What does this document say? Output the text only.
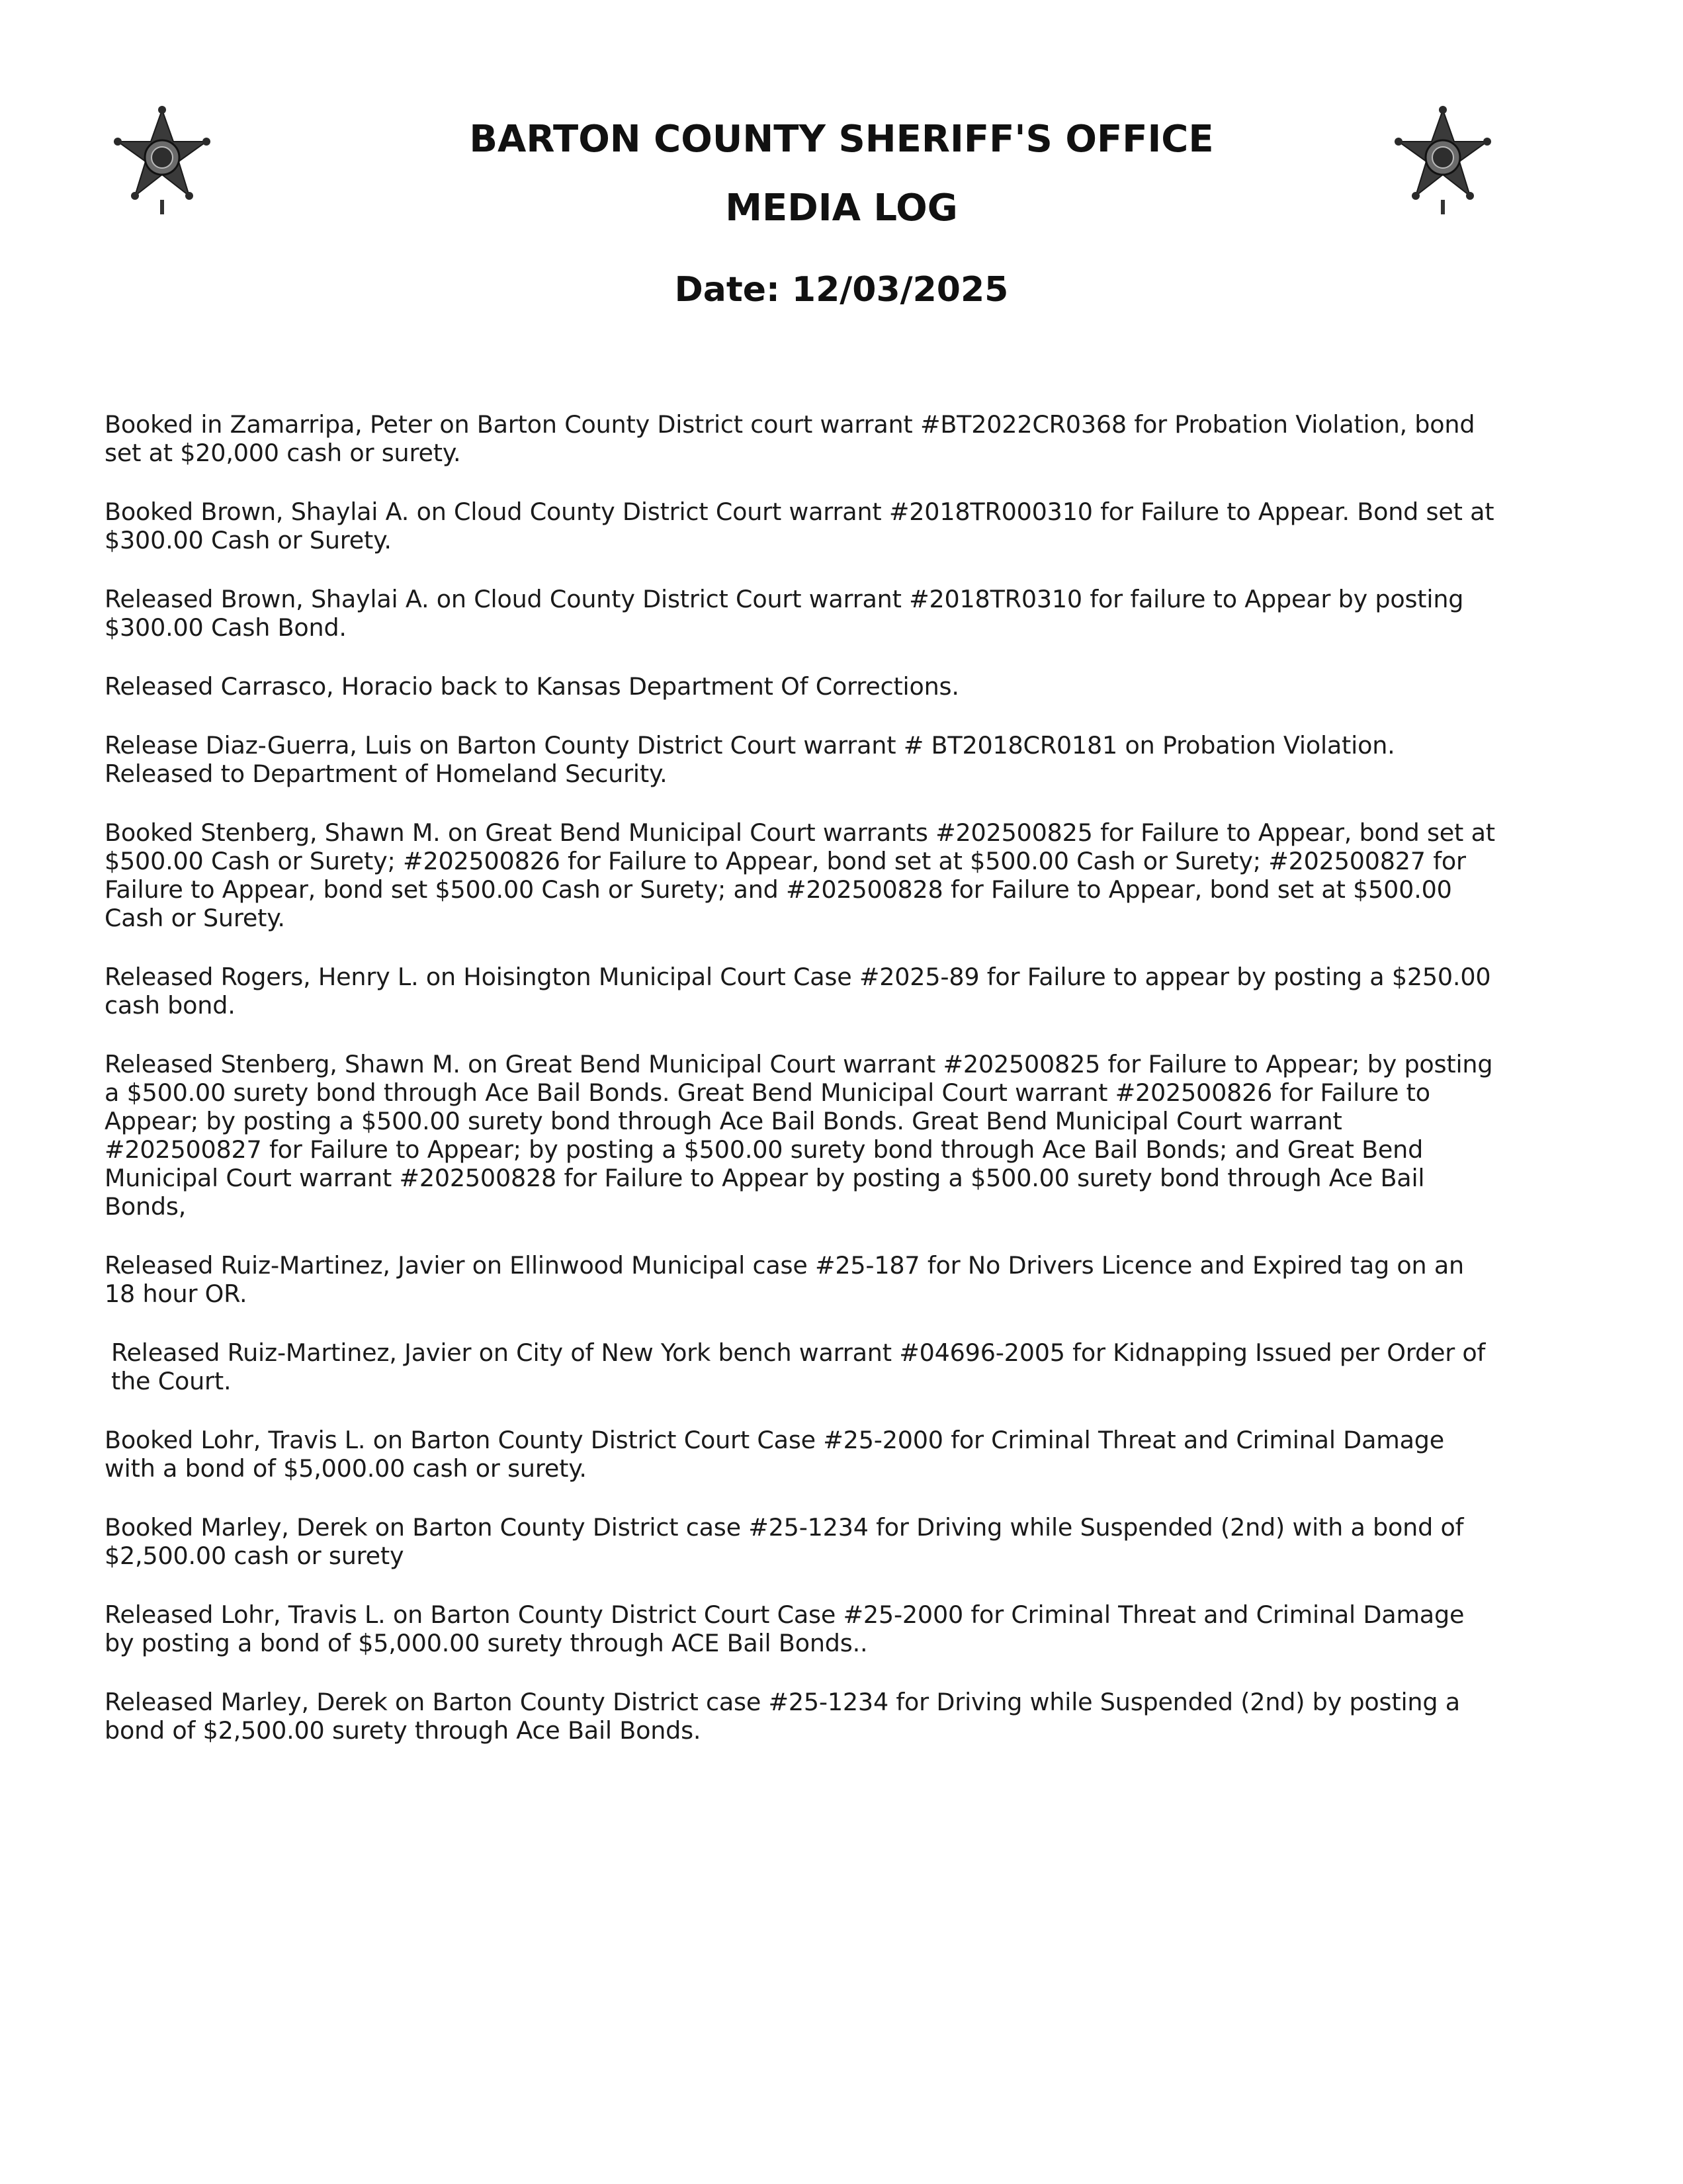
BARTON COUNTY SHERIFF'S OFFICE
MEDIA LOG
Date: 12/03/2025

Booked in Zamarripa, Peter on Barton County District court warrant #BT2022CR0368 for Probation Violation, bond set at $20,000 cash or surety.

Booked Brown, Shaylai A. on Cloud County District Court warrant #2018TR000310 for Failure to Appear. Bond set at $300.00 Cash or Surety.

Released Brown, Shaylai A. on Cloud County District Court warrant #2018TR0310 for failure to Appear by posting $300.00 Cash Bond.

Released Carrasco, Horacio back to Kansas Department Of Corrections.

Release Diaz-Guerra, Luis on Barton County District Court warrant # BT2018CR0181 on Probation Violation. Released to Department of Homeland Security.

Booked Stenberg, Shawn M. on Great Bend Municipal Court warrants #202500825 for Failure to Appear, bond set at $500.00 Cash or Surety; #202500826 for Failure to Appear, bond set at $500.00 Cash or Surety; #202500827 for Failure to Appear, bond set $500.00 Cash or Surety; and #202500828 for Failure to Appear, bond set at $500.00 Cash or Surety.

Released Rogers, Henry L. on Hoisington Municipal Court Case #2025-89 for Failure to appear by posting a $250.00 cash bond.

Released Stenberg, Shawn M. on Great Bend Municipal Court warrant #202500825 for Failure to Appear; by posting a $500.00 surety bond through Ace Bail Bonds. Great Bend Municipal Court warrant #202500826 for Failure to Appear; by posting a $500.00 surety bond through Ace Bail Bonds. Great Bend Municipal Court warrant #202500827 for Failure to Appear; by posting a $500.00 surety bond through Ace Bail Bonds; and Great Bend Municipal Court warrant #202500828 for Failure to Appear by posting a $500.00 surety bond through Ace Bail Bonds,

Released Ruiz-Martinez, Javier on Ellinwood Municipal case #25-187 for No Drivers Licence and Expired tag on an 18 hour OR.

Released Ruiz-Martinez, Javier on City of New York bench warrant #04696-2005 for Kidnapping Issued per Order of the Court.

Booked Lohr, Travis L. on Barton County District Court Case #25-2000 for Criminal Threat and Criminal Damage with a bond of $5,000.00 cash or surety.

Booked Marley, Derek on Barton County District case #25-1234 for Driving while Suspended (2nd) with a bond of $2,500.00 cash or surety

Released Lohr, Travis L. on Barton County District Court Case #25-2000 for Criminal Threat and Criminal Damage by posting a bond of $5,000.00 surety through ACE Bail Bonds..

Released Marley, Derek on Barton County District case #25-1234 for Driving while Suspended (2nd) by posting a bond of $2,500.00 surety through Ace Bail Bonds.
